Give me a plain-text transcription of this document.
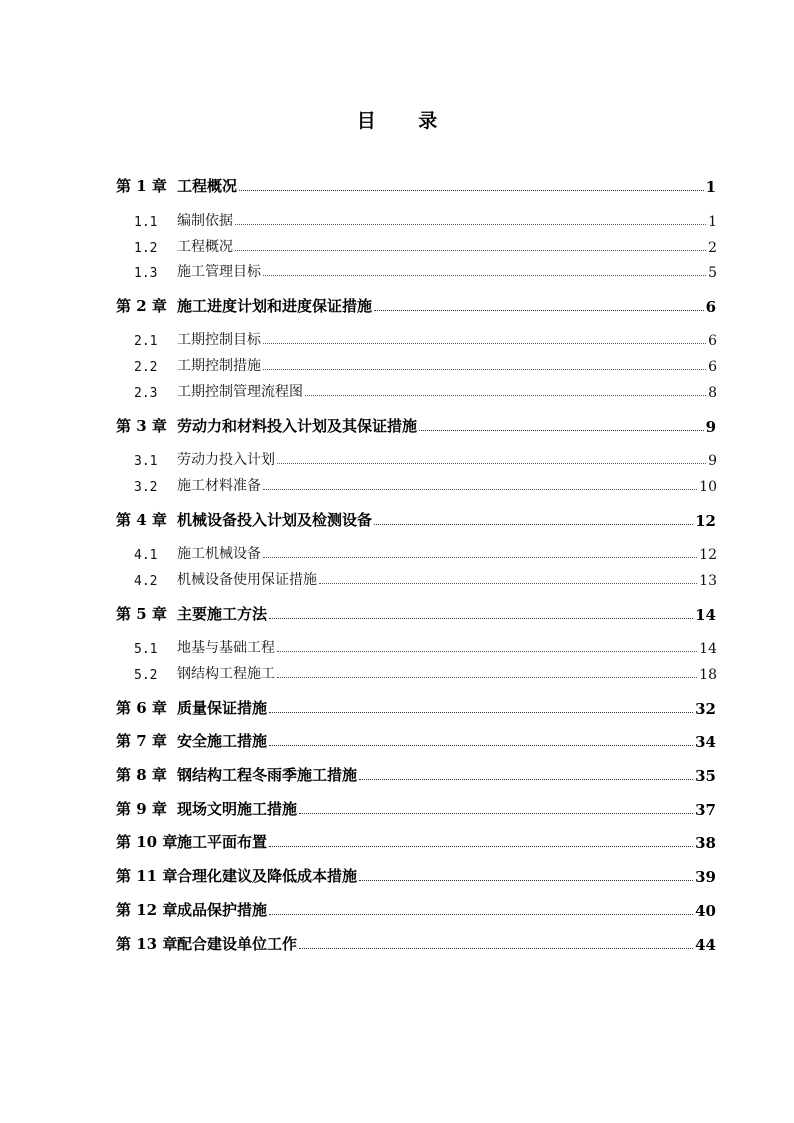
目 录
第 1 章 工程概况	1
1.1	编制依据	1
1.2	工程概况	2
1.3	施工管理目标	5
第 2 章 施工进度计划和进度保证措施	6
2.1	工期控制目标	6
2.2	工期控制措施	6
2.3	工期控制管理流程图	8
第 3 章 劳动力和材料投入计划及其保证措施	9
3.1	劳动力投入计划	9
3.2	施工材料准备	10
第 4 章 机械设备投入计划及检测设备	12
4.1	施工机械设备	12
4.2	机械设备使用保证措施	13
第 5 章 主要施工方法	14
5.1	地基与基础工程	14
5.2	钢结构工程施工	18
第 6 章 质量保证措施	32
第 7 章 安全施工措施	34
第 8 章 钢结构工程冬雨季施工措施	35
第 9 章 现场文明施工措施	37
第 10 章 施工平面布置	38
第 11 章 合理化建议及降低成本措施	39
第 12 章 成品保护措施	40
第 13 章 配合建设单位工作	44
